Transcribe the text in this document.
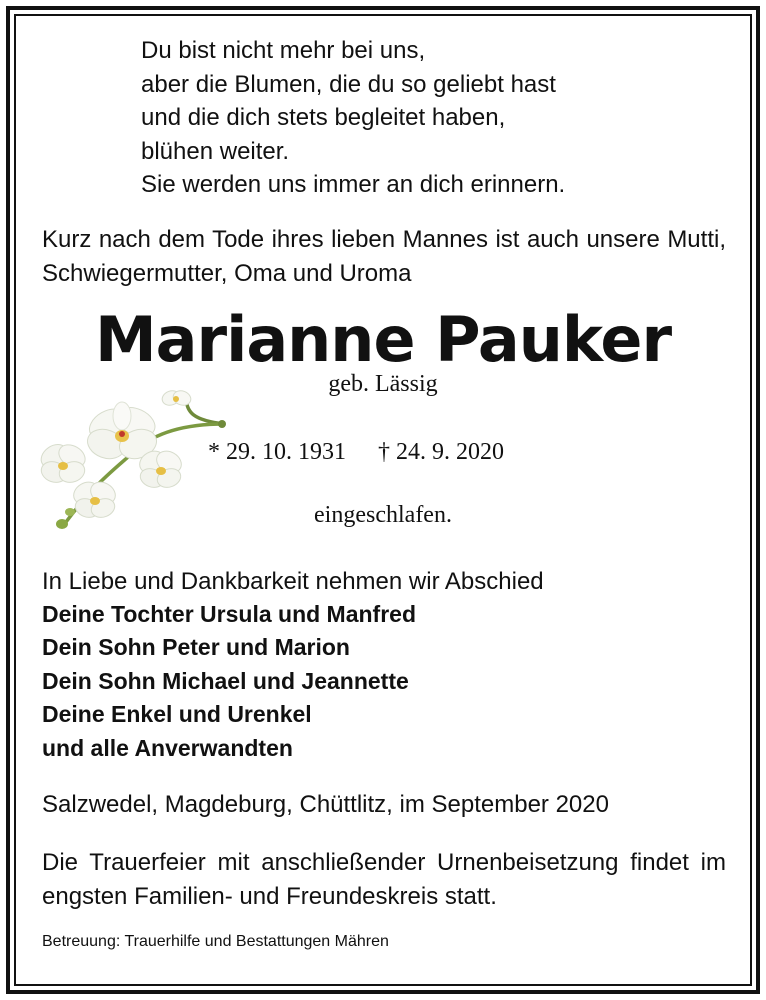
Du bist nicht mehr bei uns,
aber die Blumen, die du so geliebt hast
und die dich stets begleitet haben,
blühen weiter.
Sie werden uns immer an dich erinnern.
Kurz nach dem Tode ihres lieben Mannes ist auch unsere Mutti, Schwiegermutter, Oma und Uroma
Marianne Pauker
geb. Lässig
* 29. 10. 1931 † 24. 9. 2020
eingeschlafen.
In Liebe und Dankbarkeit nehmen wir Abschied
Deine Tochter Ursula und Manfred
Dein Sohn Peter und Marion
Dein Sohn Michael und Jeannette
Deine Enkel und Urenkel
und alle Anverwandten
Salzwedel, Magdeburg, Chüttlitz, im September 2020
Die Trauerfeier mit anschließender Urnenbeisetzung findet im engsten Familien- und Freundeskreis statt.
Betreuung: Trauerhilfe und Bestattungen Mähren
